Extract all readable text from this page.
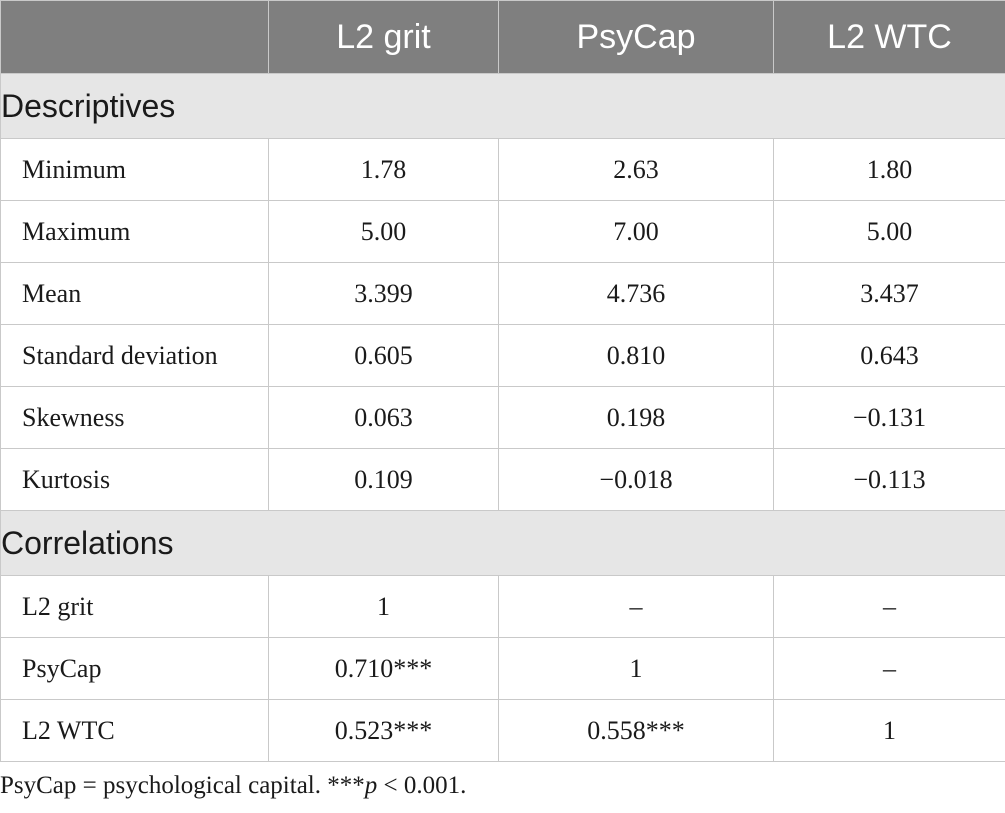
	L2 grit	PsyCap	L2 WTC
Descriptives			
Minimum	1.78	2.63	1.80
Maximum	5.00	7.00	5.00
Mean	3.399	4.736	3.437
Standard deviation	0.605	0.810	0.643
Skewness	0.063	0.198	−0.131
Kurtosis	0.109	−0.018	−0.113
Correlations			
L2 grit	1	–	–
PsyCap	0.710***	1	–
L2 WTC	0.523***	0.558***	1
PsyCap = psychological capital. ***p < 0.001.
